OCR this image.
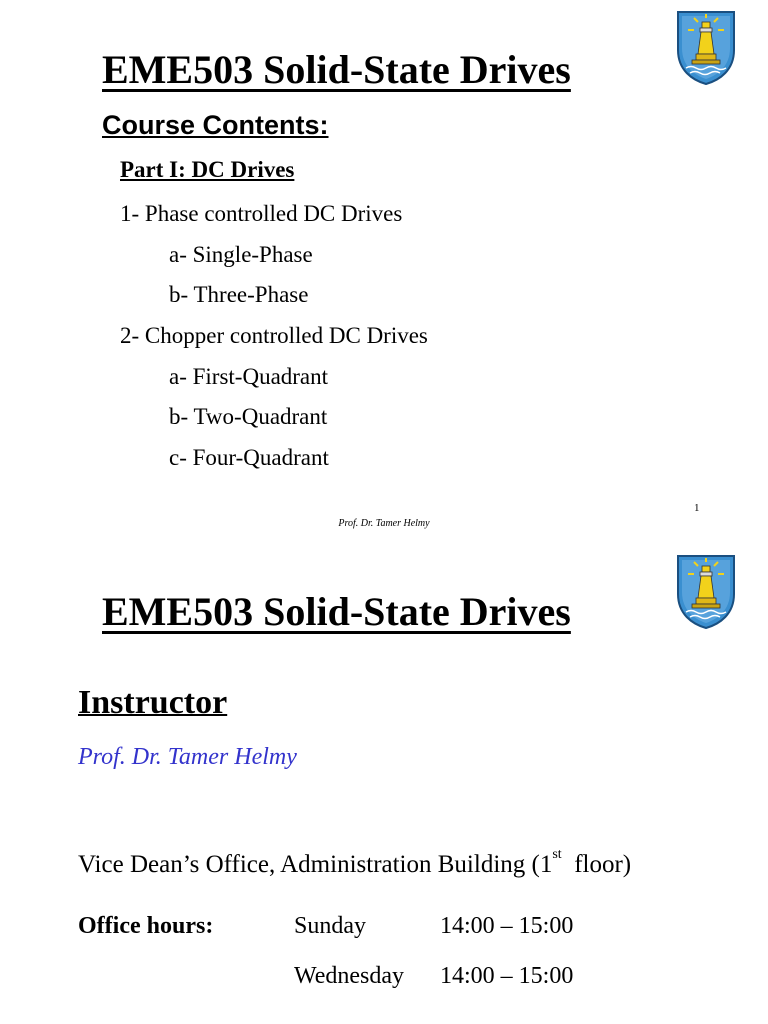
EME503 Solid-State Drives
Course Contents:
Part I: DC Drives
1- Phase controlled DC Drives
a- Single-Phase
b- Three-Phase
2- Chopper controlled DC Drives
a- First-Quadrant
b- Two-Quadrant
c- Four-Quadrant
1
Prof. Dr. Tamer Helmy
EME503 Solid-State Drives
Instructor
Prof. Dr. Tamer Helmy
Vice Dean’s Office, Administration Building (1st  floor)
Office hours:	Sunday	14:00 – 15:00
Wednesday 14:00 – 15:00
